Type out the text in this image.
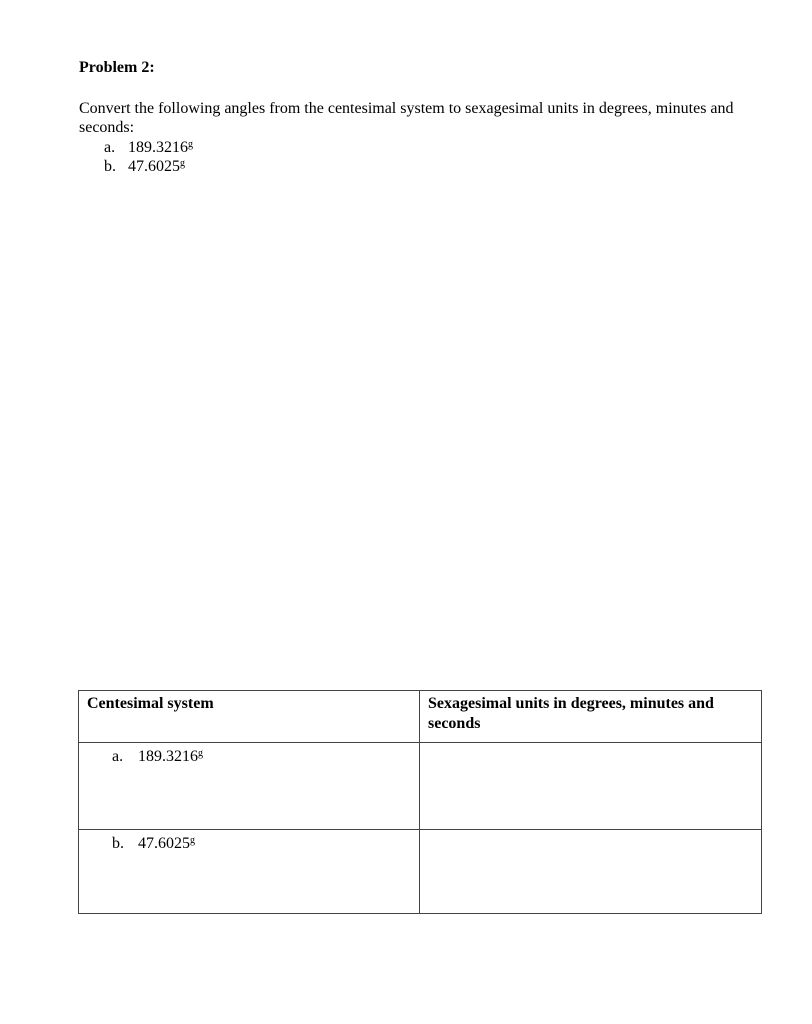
Problem 2:

Convert the following angles from the centesimal system to sexagesimal units in degrees, minutes and seconds:

a. 189.3216$^g$
b. 47.6025$^g$
Centesimal system	Sexagesimal units in degrees, minutes and seconds

a. 189.3216$^g$

b. 47.6025$^g$
